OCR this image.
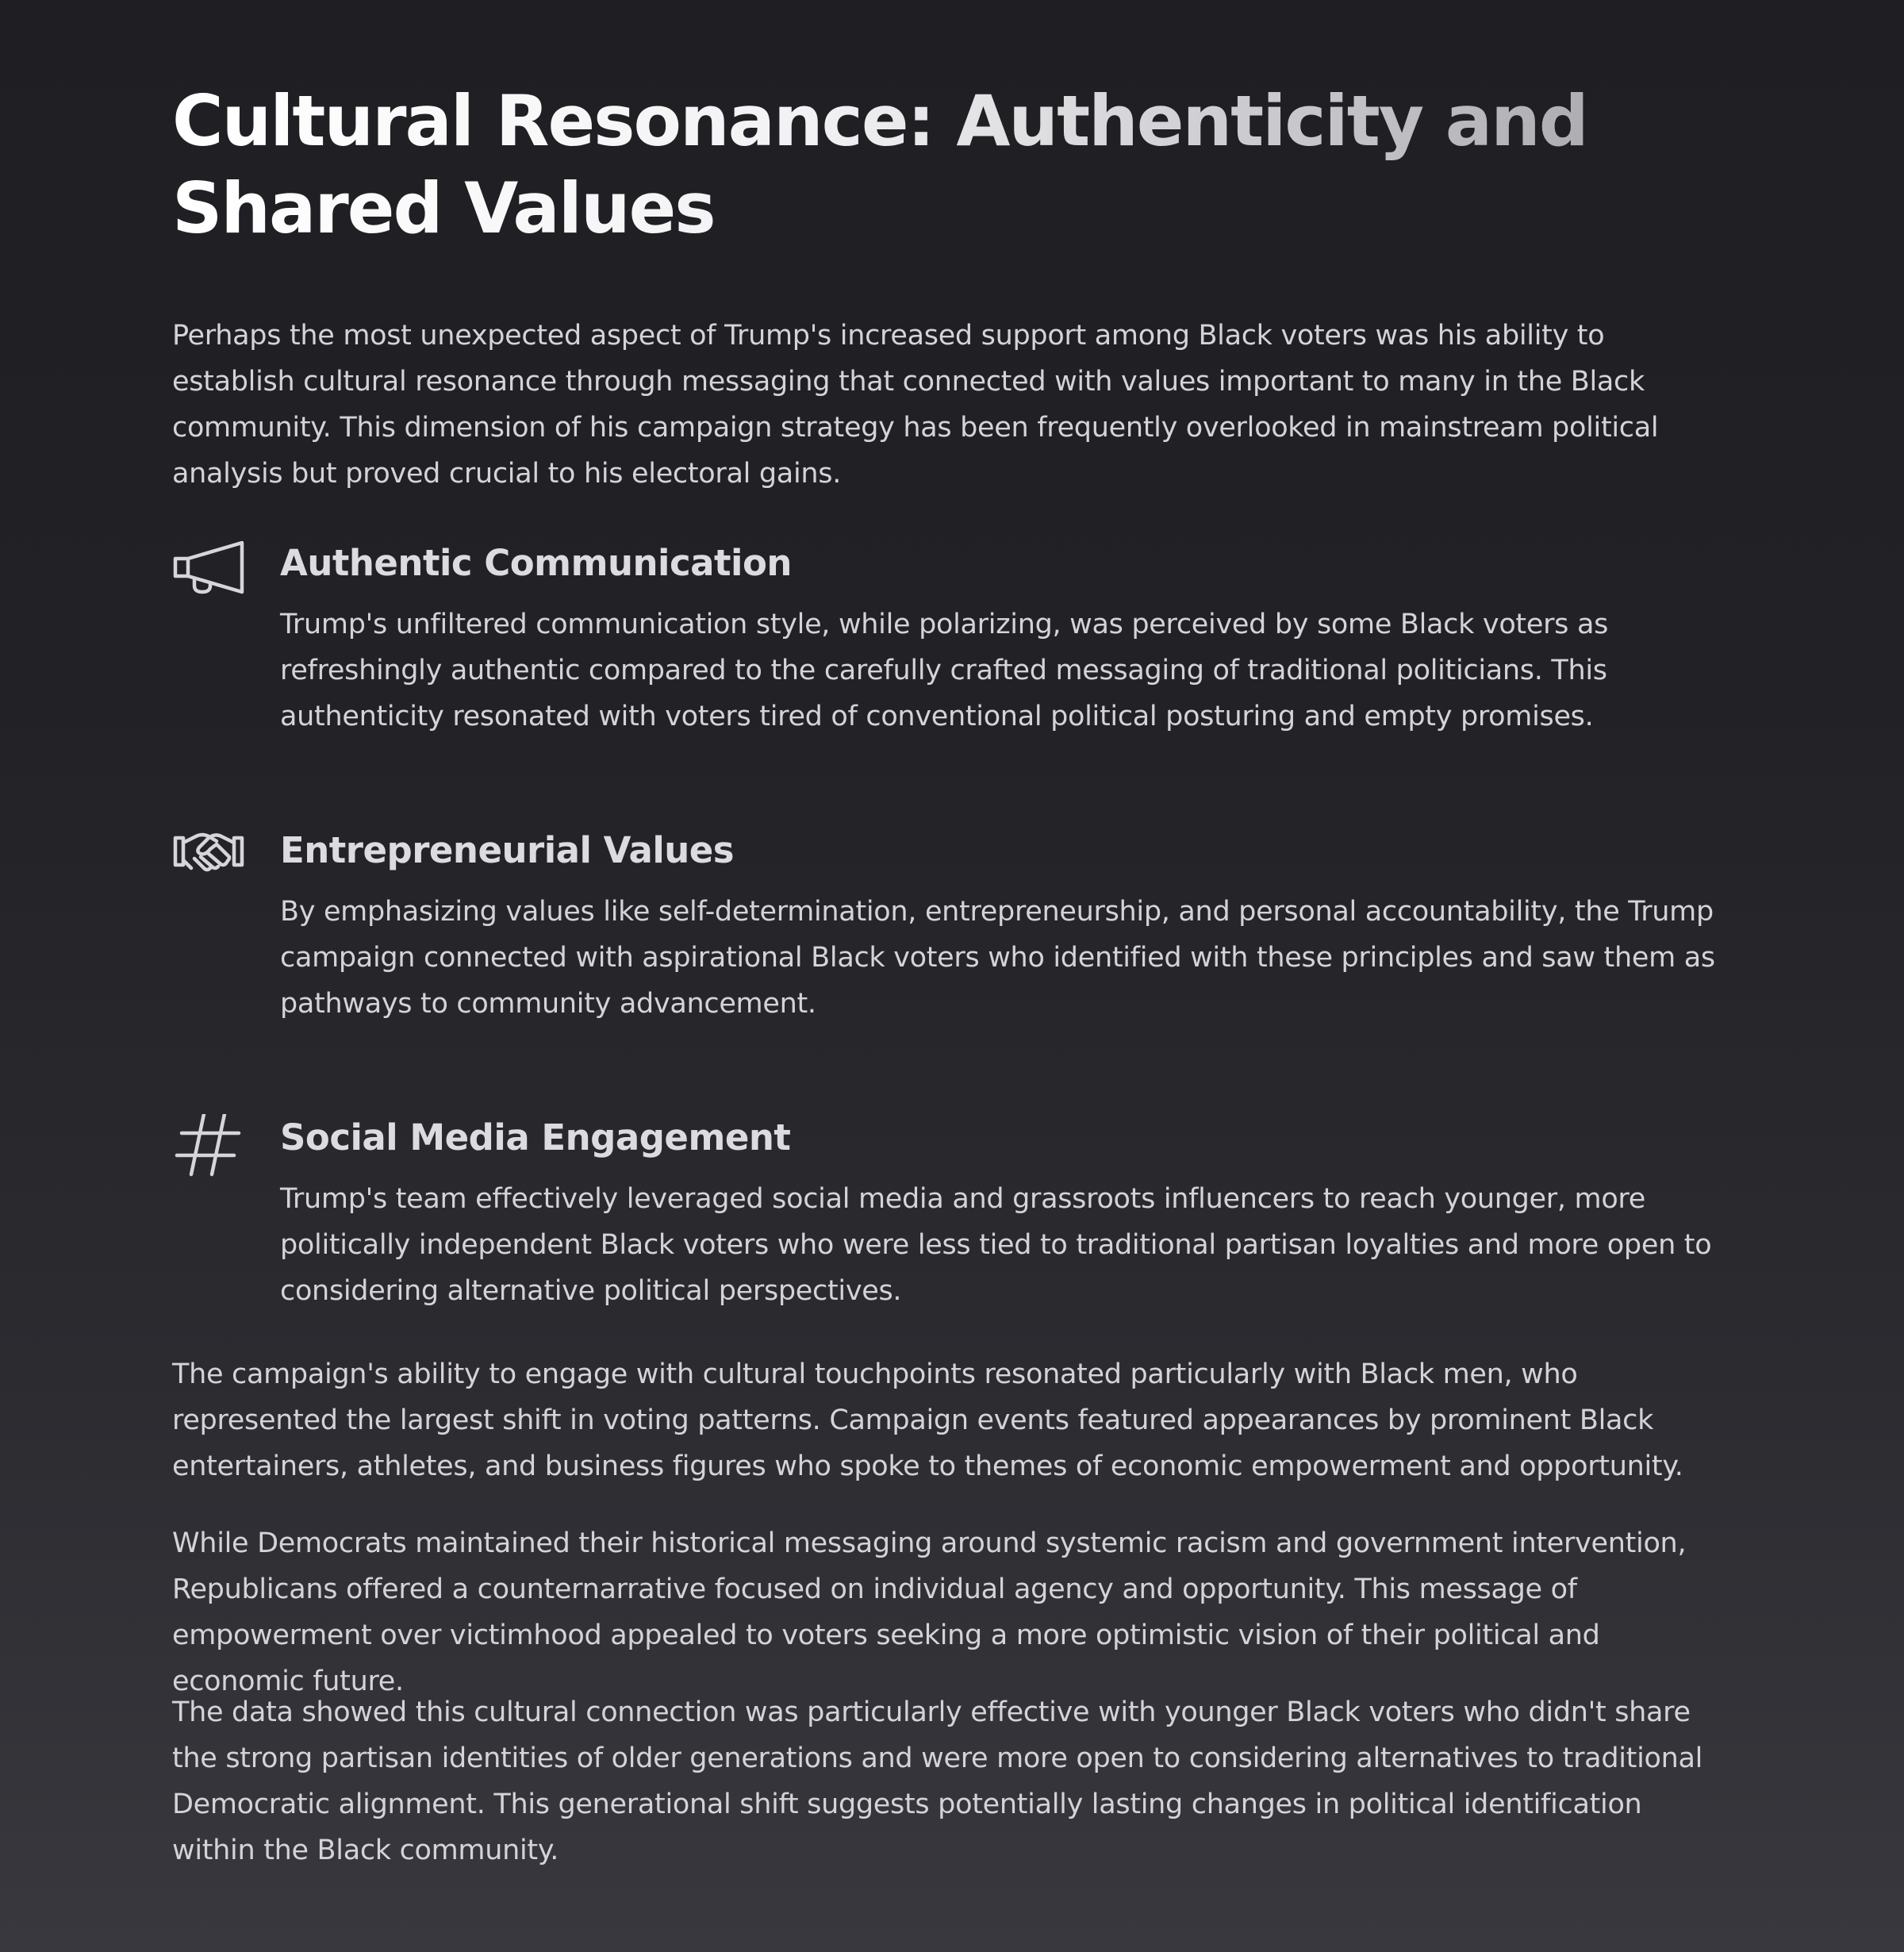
Cultural Resonance: Authenticity and Shared Values

Perhaps the most unexpected aspect of Trump's increased support among Black voters was his ability to establish cultural resonance through messaging that connected with values important to many in the Black community. This dimension of his campaign strategy has been frequently overlooked in mainstream political analysis but proved crucial to his electoral gains.

Authentic Communication

Trump's unfiltered communication style, while polarizing, was perceived by some Black voters as refreshingly authentic compared to the carefully crafted messaging of traditional politicians. This authenticity resonated with voters tired of conventional political posturing and empty promises.

Entrepreneurial Values

By emphasizing values like self-determination, entrepreneurship, and personal accountability, the Trump campaign connected with aspirational Black voters who identified with these principles and saw them as pathways to community advancement.

Social Media Engagement

Trump's team effectively leveraged social media and grassroots influencers to reach younger, more politically independent Black voters who were less tied to traditional partisan loyalties and more open to considering alternative political perspectives.

The campaign's ability to engage with cultural touchpoints resonated particularly with Black men, who represented the largest shift in voting patterns. Campaign events featured appearances by prominent Black entertainers, athletes, and business figures who spoke to themes of economic empowerment and opportunity.

While Democrats maintained their historical messaging around systemic racism and government intervention, Republicans offered a counternarrative focused on individual agency and opportunity. This message of empowerment over victimhood appealed to voters seeking a more optimistic vision of their political and economic future.

The data showed this cultural connection was particularly effective with younger Black voters who didn't share the strong partisan identities of older generations and were more open to considering alternatives to traditional Democratic alignment. This generational shift suggests potentially lasting changes in political identification within the Black community.
